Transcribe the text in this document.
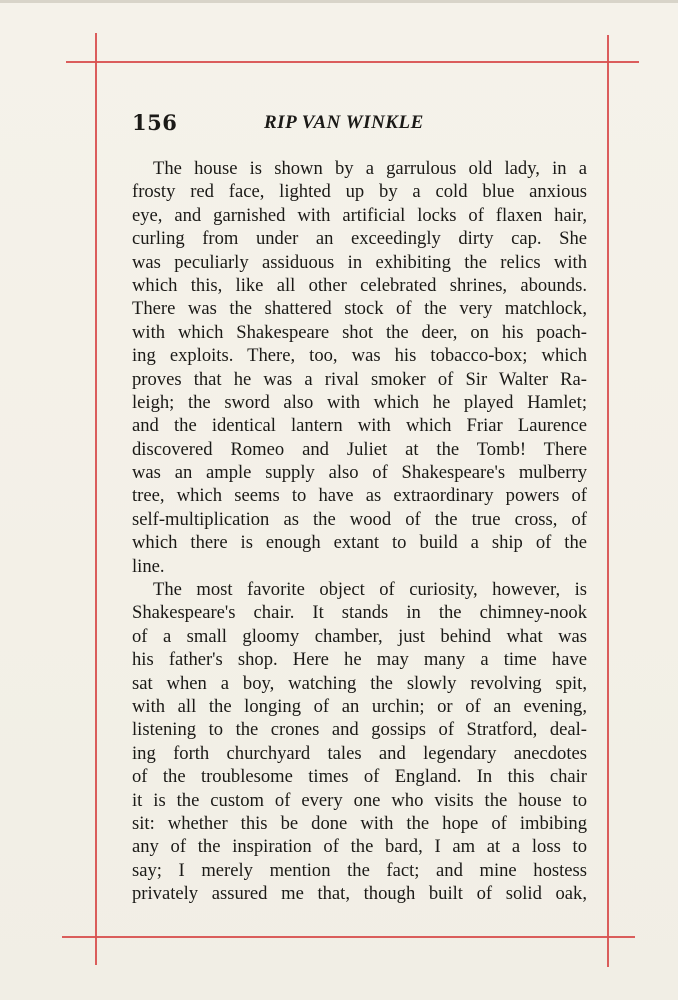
156	RIP VAN WINKLE
The house is shown by a garrulous old lady, in a
frosty red face, lighted up by a cold blue anxious
eye, and garnished with artificial locks of flaxen hair,
curling from under an exceedingly dirty cap. She
was peculiarly assiduous in exhibiting the relics with
which this, like all other celebrated shrines, abounds.
There was the shattered stock of the very matchlock,
with which Shakespeare shot the deer, on his poach-
ing exploits. There, too, was his tobacco-box; which
proves that he was a rival smoker of Sir Walter Ra-
leigh; the sword also with which he played Hamlet;
and the identical lantern with which Friar Laurence
discovered Romeo and Juliet at the Tomb! There
was an ample supply also of Shakespeare's mulberry
tree, which seems to have as extraordinary powers of
self-multiplication as the wood of the true cross, of
which there is enough extant to build a ship of the
line.
The most favorite object of curiosity, however, is
Shakespeare's chair. It stands in the chimney-nook
of a small gloomy chamber, just behind what was
his father's shop. Here he may many a time have
sat when a boy, watching the slowly revolving spit,
with all the longing of an urchin; or of an evening,
listening to the crones and gossips of Stratford, deal-
ing forth churchyard tales and legendary anecdotes
of the troublesome times of England. In this chair
it is the custom of every one who visits the house to
sit: whether this be done with the hope of imbibing
any of the inspiration of the bard, I am at a loss to
say; I merely mention the fact; and mine hostess
privately assured me that, though built of solid oak,
